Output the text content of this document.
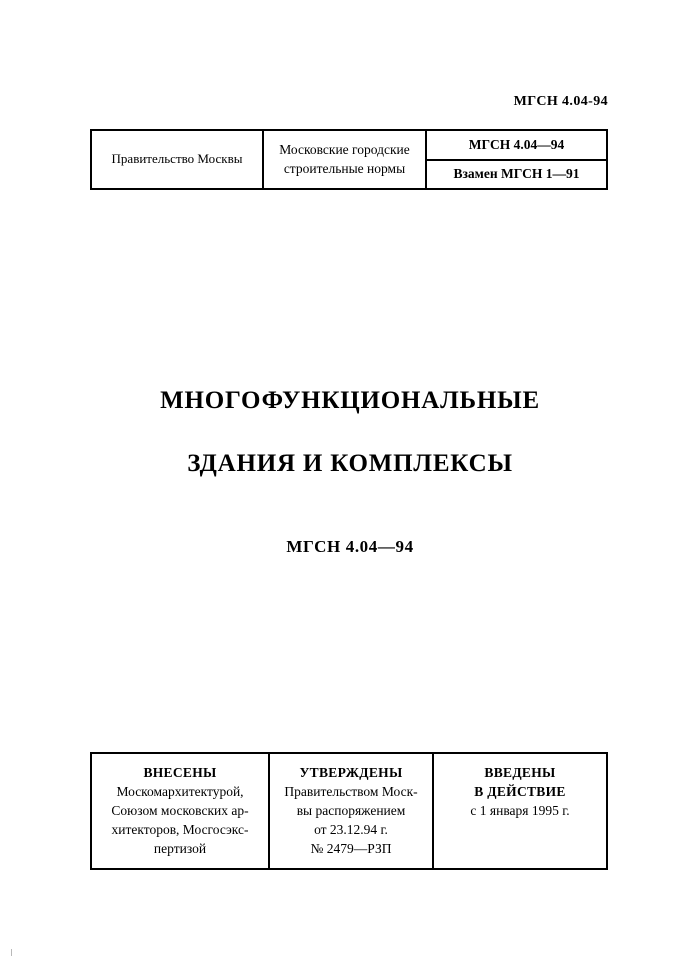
МГСН 4.04-94
Правительство Москвы
Московские городские
строительные нормы
МГСН 4.04—94
Взамен МГСН 1—91
МНОГОФУНКЦИОНАЛЬНЫЕ
ЗДАНИЯ И КОМПЛЕКСЫ
МГСН 4.04—94
ВНЕСЕНЫ
Москомархитектурой,
Союзом московских ар-
хитекторов, Мосгосэкс-
пертизой
УТВЕРЖДЕНЫ
Правительством Моск-
вы распоряжением
от 23.12.94 г.
№ 2479—РЗП
ВВЕДЕНЫ
В ДЕЙСТВИЕ
с 1 января 1995 г.
